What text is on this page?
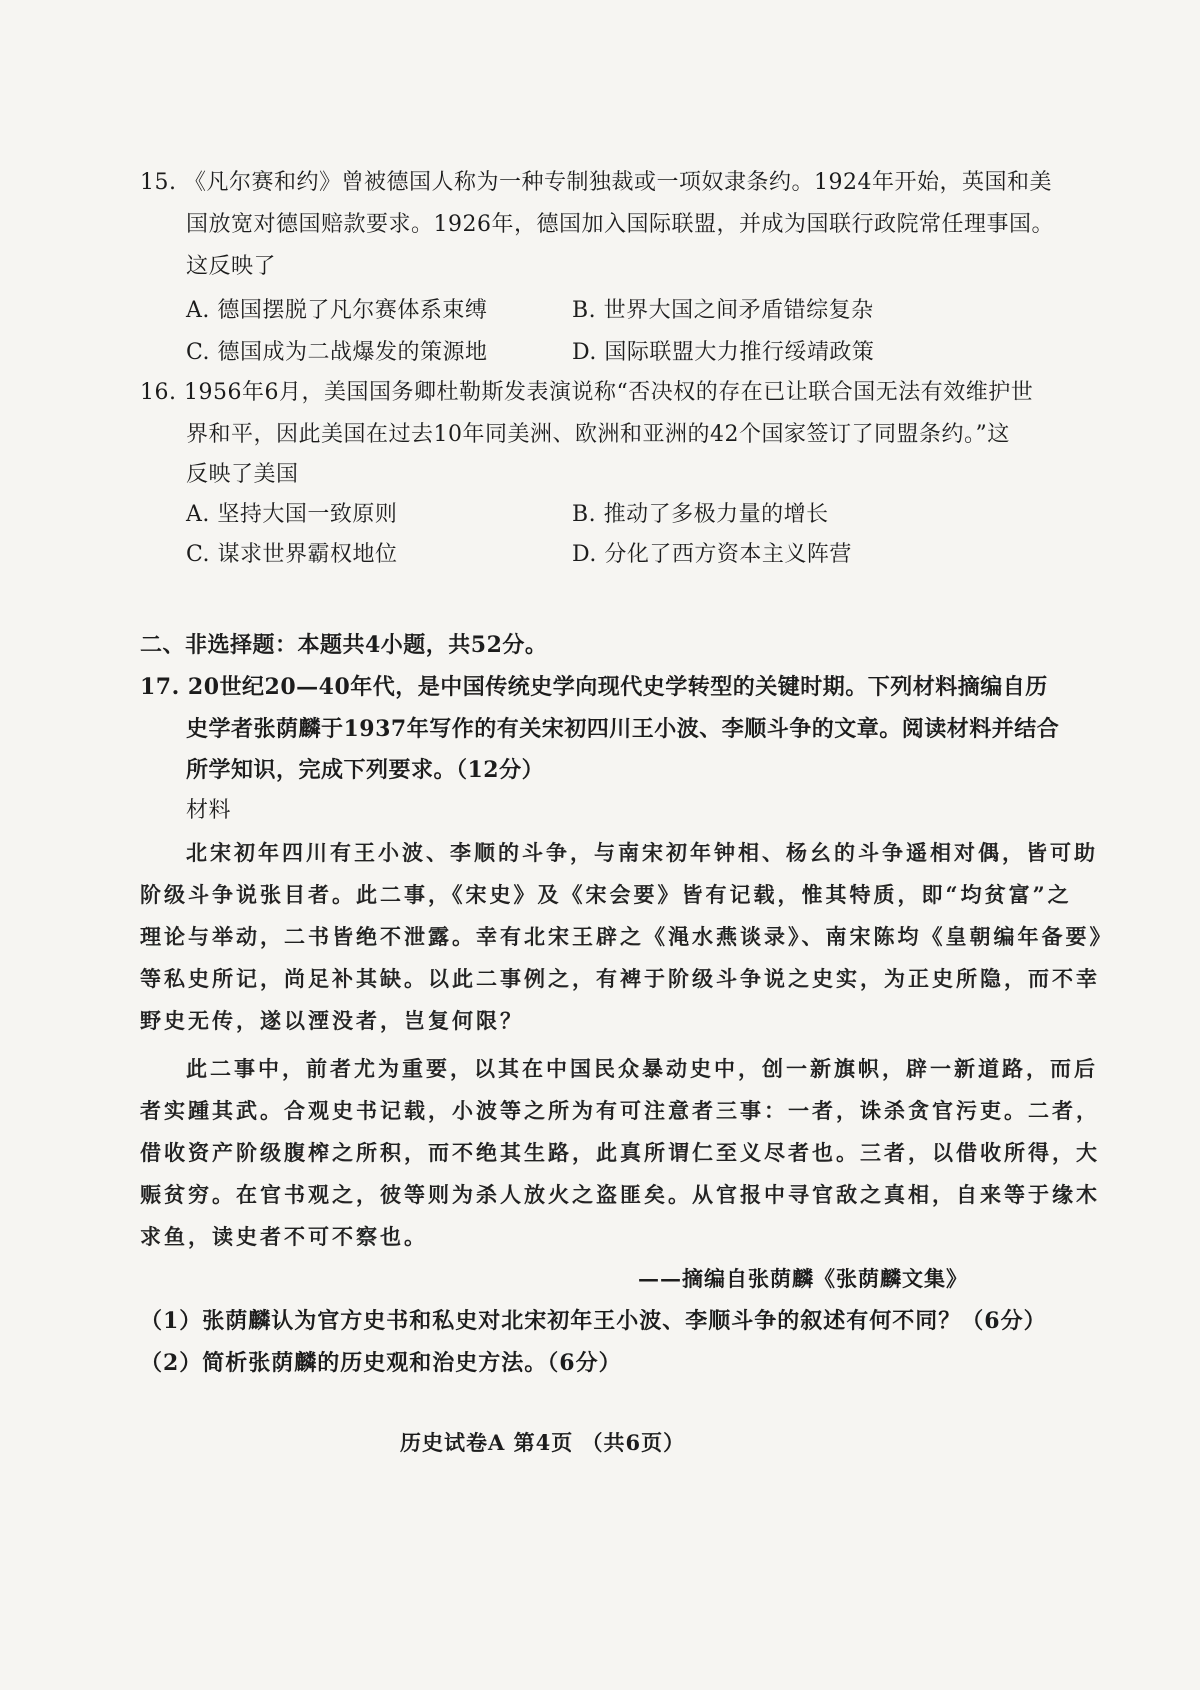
15. 《凡尔赛和约》曾被德国人称为一种专制独裁或一项奴隶条约。1924年开始，英国和美
国放宽对德国赔款要求。1926年，德国加入国际联盟，并成为国联行政院常任理事国。
这反映了
A. 德国摆脱了凡尔赛体系束缚	B. 世界大国之间矛盾错综复杂
C. 德国成为二战爆发的策源地	D. 国际联盟大力推行绥靖政策
16. 1956年6月，美国国务卿杜勒斯发表演说称“否决权的存在已让联合国无法有效维护世
界和平，因此美国在过去10年同美洲、欧洲和亚洲的42个国家签订了同盟条约。”这
反映了美国
A. 坚持大国一致原则	B. 推动了多极力量的增长
C. 谋求世界霸权地位	D. 分化了西方资本主义阵营
二、非选择题：本题共4小题，共52分。
17. 20世纪20—40年代，是中国传统史学向现代史学转型的关键时期。下列材料摘编自历
史学者张荫麟于1937年写作的有关宋初四川王小波、李顺斗争的文章。阅读材料并结合
所学知识，完成下列要求。（12分）
材料
北宋初年四川有王小波、李顺的斗争，与南宋初年钟相、杨幺的斗争遥相对偶，皆可助
阶级斗争说张目者。此二事，《宋史》及《宋会要》皆有记载，惟其特质，即“均贫富”之
理论与举动，二书皆绝不泄露。幸有北宋王辟之《渑水燕谈录》、南宋陈均《皇朝编年备要》
等私史所记，尚足补其缺。以此二事例之，有裨于阶级斗争说之史实，为正史所隐，而不幸
野史无传，遂以湮没者，岂复何限？
此二事中，前者尤为重要，以其在中国民众暴动史中，创一新旗帜，辟一新道路，而后
者实踵其武。合观史书记载，小波等之所为有可注意者三事：一者，诛杀贪官污吏。二者，
借收资产阶级腹榨之所积，而不绝其生路，此真所谓仁至义尽者也。三者，以借收所得，大
赈贫穷。在官书观之，彼等则为杀人放火之盗匪矣。从官报中寻官敌之真相，自来等于缘木
求鱼，读史者不可不察也。
——摘编自张荫麟《张荫麟文集》
（1）张荫麟认为官方史书和私史对北宋初年王小波、李顺斗争的叙述有何不同？（6分）
（2）简析张荫麟的历史观和治史方法。（6分）
历史试卷A 第4页 （共6页）
